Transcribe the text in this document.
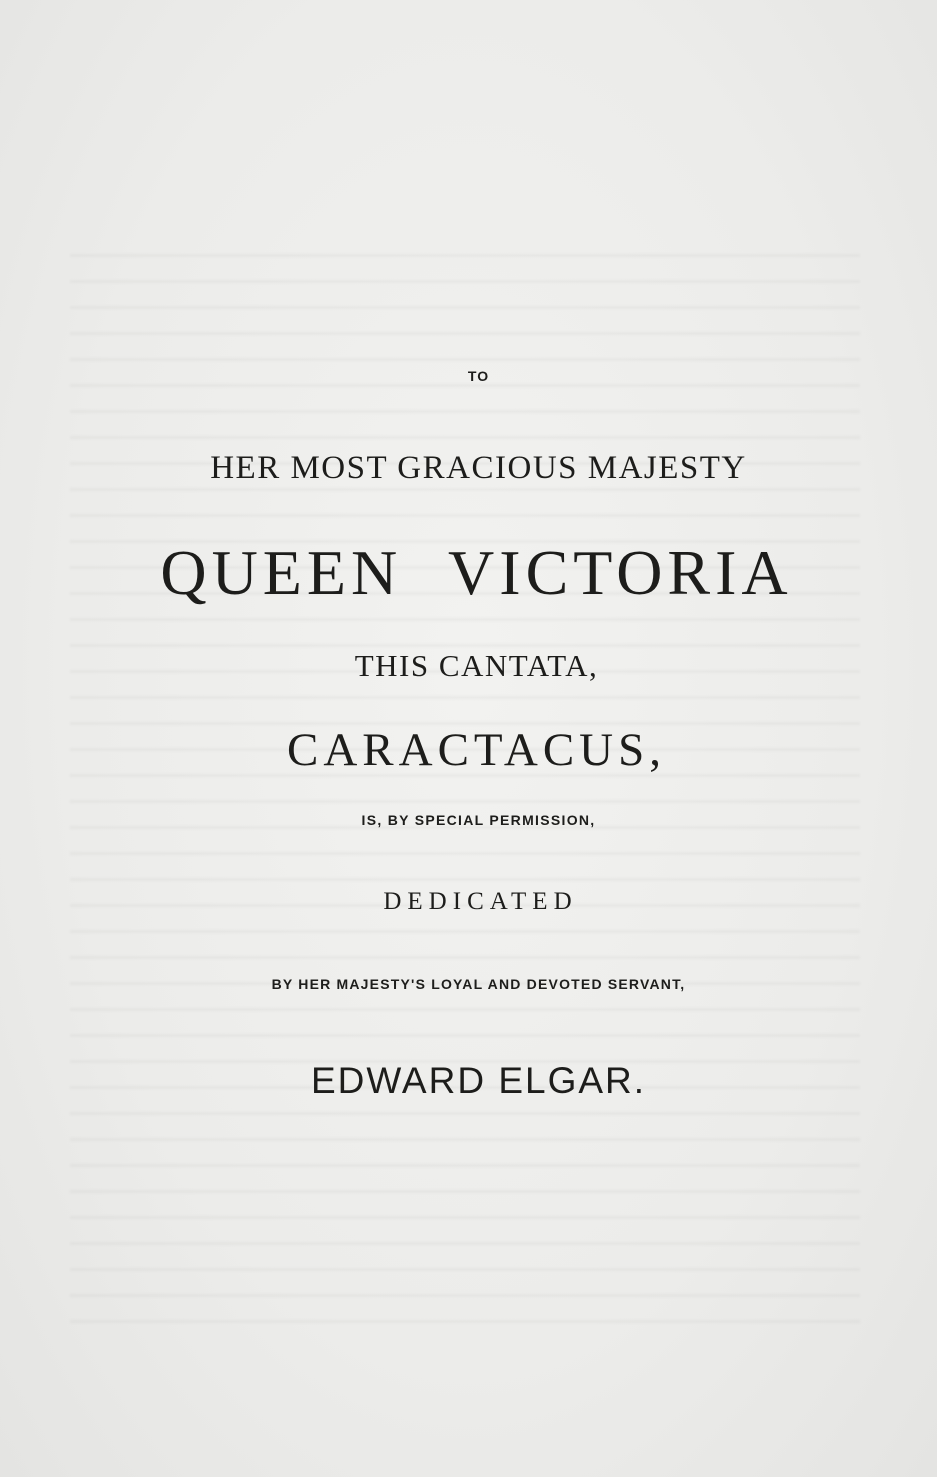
TO
HER MOST GRACIOUS MAJESTY
QUEEN VICTORIA
THIS CANTATA,
CARACTACUS,
IS, BY SPECIAL PERMISSION,
DEDICATED
BY HER MAJESTY'S LOYAL AND DEVOTED SERVANT,
EDWARD ELGAR.
